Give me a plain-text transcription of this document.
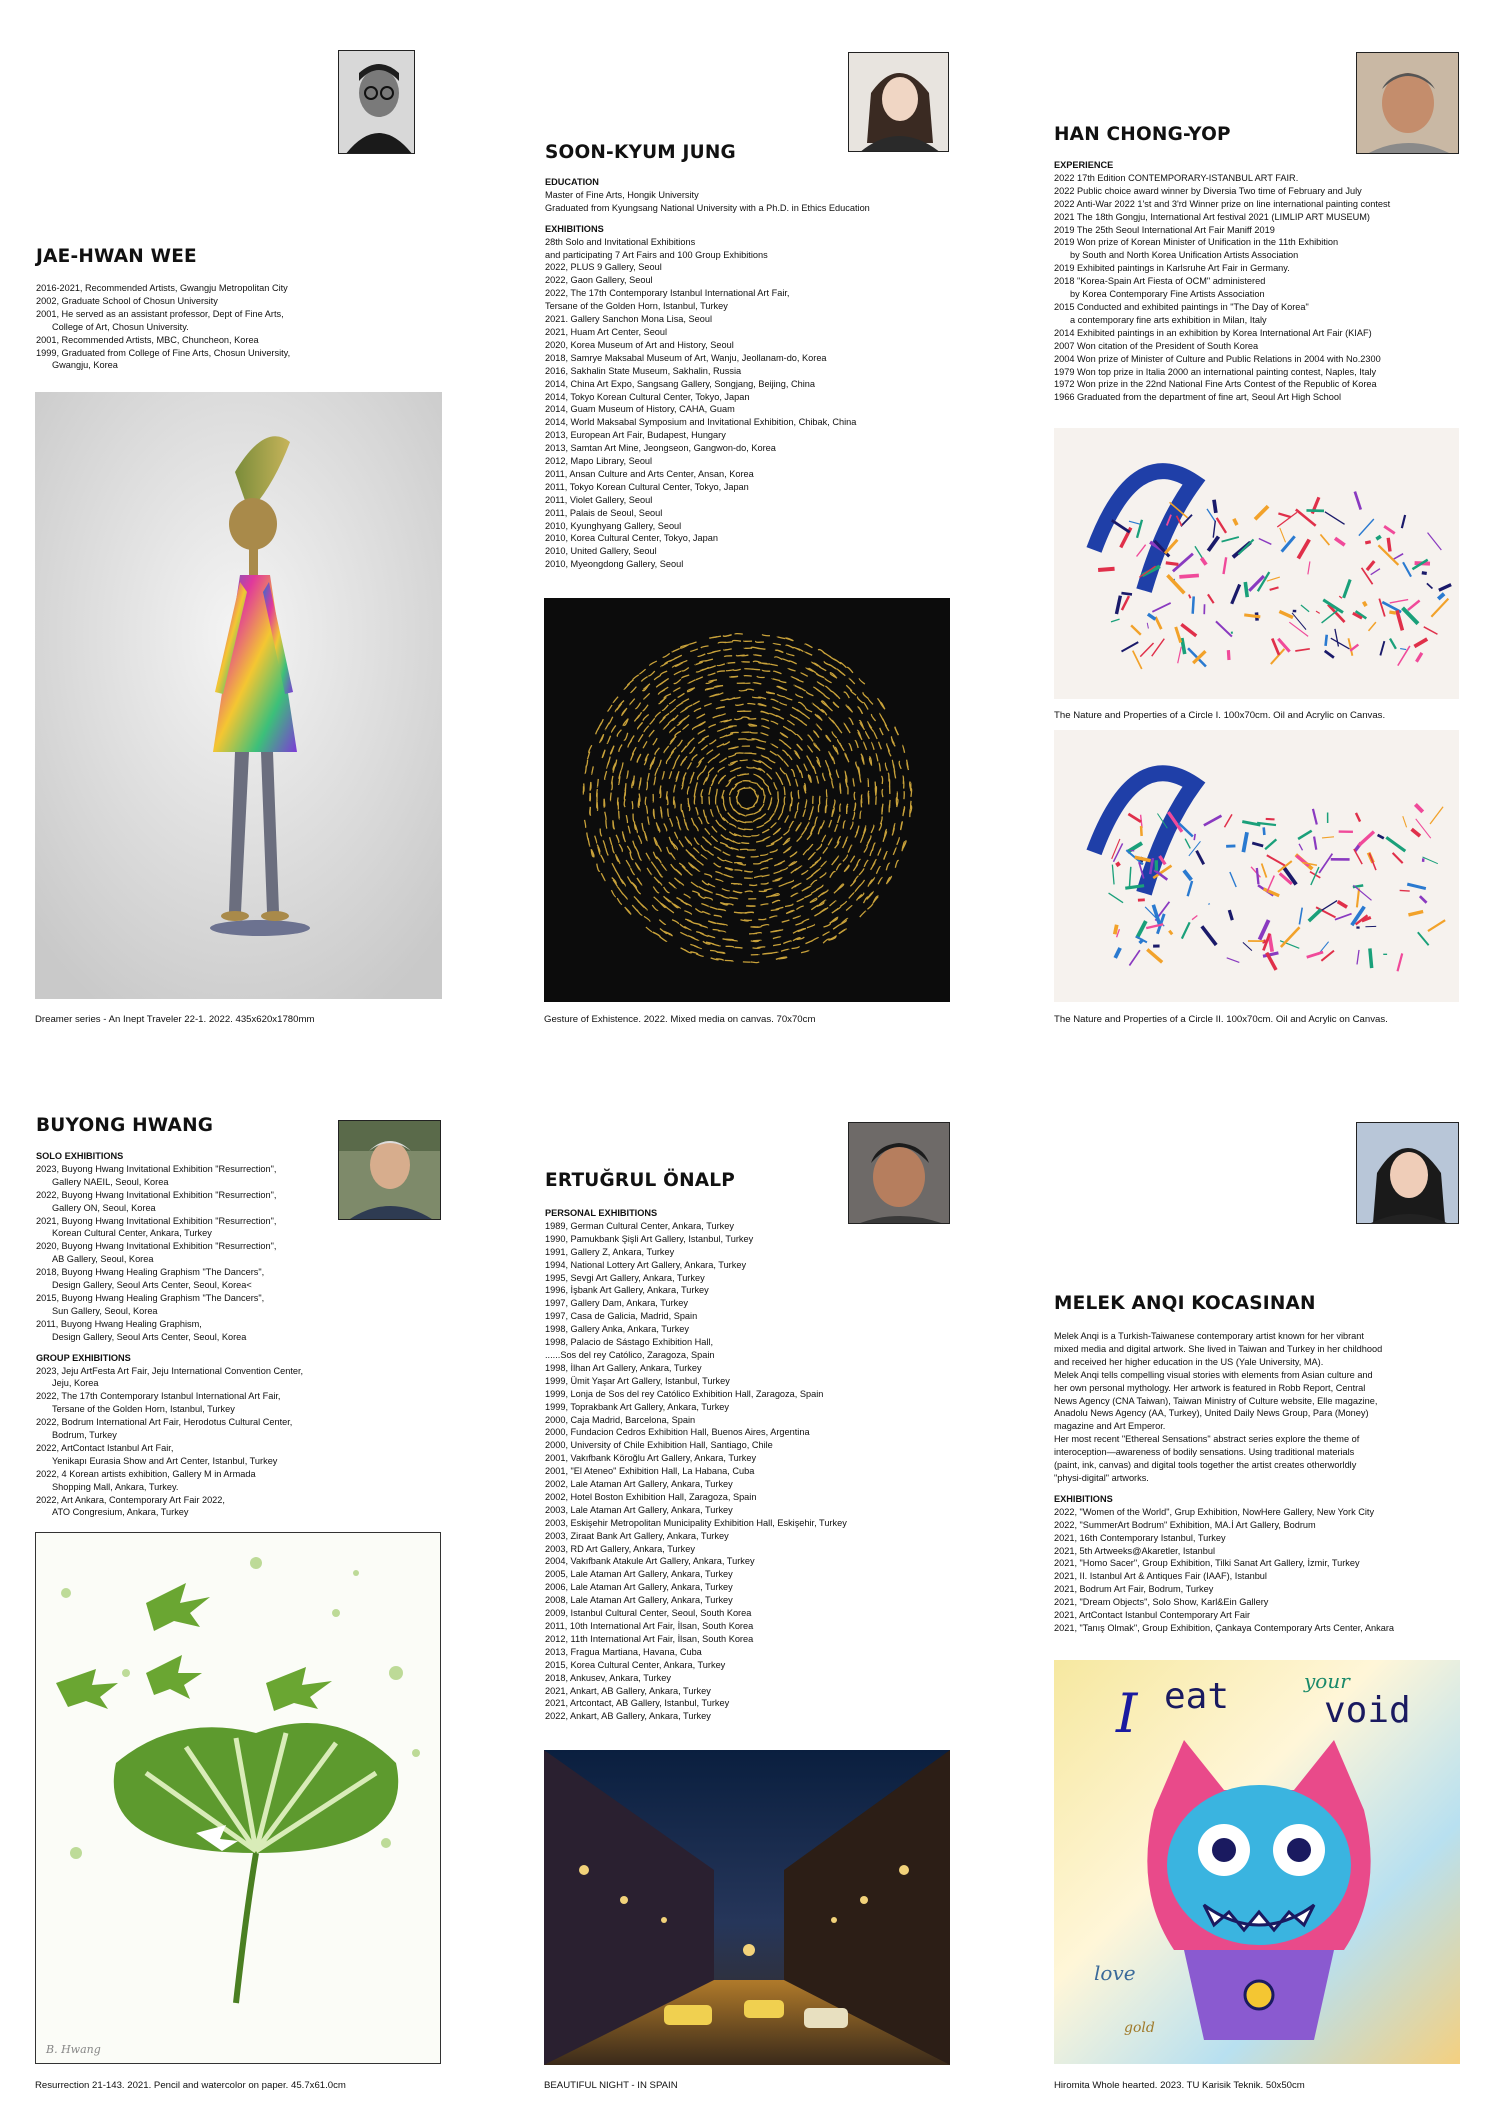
JAE-HWAN WEE
2016-2021, Recommended Artists, Gwangju Metropolitan City
2002, Graduate School of Chosun University
2001, He served as an assistant professor, Dept of Fine Arts,
College of Art, Chosun University.
2001, Recommended Artists, MBC, Chuncheon, Korea
1999, Graduated from College of Fine Arts, Chosun University,
Gwangju, Korea
Dreamer series - An Inept Traveler 22-1. 2022. 435x620x1780mm
SOON-KYUM JUNG
EDUCATION
Master of Fine Arts, Hongik University
Graduated from Kyungsang National University with a Ph.D. in Ethics Education
EXHIBITIONS
28th Solo and Invitational Exhibitions
and participating 7 Art Fairs and 100 Group Exhibitions
2022, PLUS 9 Gallery, Seoul
2022, Gaon Gallery, Seoul
2022, The 17th Contemporary Istanbul International Art Fair,
Tersane of the Golden Horn, Istanbul, Turkey
2021. Gallery Sanchon Mona Lisa, Seoul
2021, Huam Art Center, Seoul
2020, Korea Museum of Art and History, Seoul
2018, Samrye Maksabal Museum of Art, Wanju, Jeollanam-do, Korea
2016, Sakhalin State Museum, Sakhalin, Russia
2014, China Art Expo, Sangsang Gallery, Songjang, Beijing, China
2014, Tokyo Korean Cultural Center, Tokyo, Japan
2014, Guam Museum of History, CAHA, Guam
2014, World Maksabal Symposium and Invitational Exhibition, Chibak, China
2013, European Art Fair, Budapest, Hungary
2013, Samtan Art Mine, Jeongseon, Gangwon-do, Korea
2012, Mapo Library, Seoul
2011, Ansan Culture and Arts Center, Ansan, Korea
2011, Tokyo Korean Cultural Center, Tokyo, Japan
2011, Violet Gallery, Seoul
2011, Palais de Seoul, Seoul
2010, Kyunghyang Gallery, Seoul
2010, Korea Cultural Center, Tokyo, Japan
2010, United Gallery, Seoul
2010, Myeongdong Gallery, Seoul
Gesture of Exhistence. 2022. Mixed media on canvas. 70x70cm
HAN CHONG-YOP
EXPERIENCE
2022 17th Edition CONTEMPORARY-ISTANBUL ART FAIR.
2022 Public choice award winner by Diversia Two time of February and July
2022 Anti-War 2022 1'st and 3'rd Winner prize on line international painting contest
2021 The 18th Gongju, International Art festival 2021 (LIMLIP ART MUSEUM)
2019 The 25th Seoul International Art Fair Maniff 2019
2019 Won prize of Korean Minister of Unification in the 11th Exhibition
by South and North Korea Unification Artists Association
2019 Exhibited paintings in Karlsruhe Art Fair in Germany.
2018 "Korea-Spain Art Fiesta of OCM" administered
by Korea Contemporary Fine Artists Association
2015 Conducted and exhibited paintings in "The Day of Korea"
a contemporary fine arts exhibition in Milan, Italy
2014 Exhibited paintings in an exhibition by Korea International Art Fair (KIAF)
2007 Won citation of the President of South Korea
2004 Won prize of Minister of Culture and Public Relations in 2004 with No.2300
1979 Won top prize in Italia 2000 an international painting contest, Naples, Italy
1972 Won prize in the 22nd National Fine Arts Contest of the Republic of Korea
1966 Graduated from the department of fine art, Seoul Art High School
The Nature and Properties of a Circle I. 100x70cm. Oil and Acrylic on Canvas.
The Nature and Properties of a Circle II. 100x70cm. Oil and Acrylic on Canvas.
BUYONG HWANG
SOLO EXHIBITIONS
2023, Buyong Hwang Invitational Exhibition "Resurrection",
Gallery NAEIL, Seoul, Korea
2022, Buyong Hwang Invitational Exhibition "Resurrection",
Gallery ON, Seoul, Korea
2021, Buyong Hwang Invitational Exhibition "Resurrection",
Korean Cultural Center, Ankara, Turkey
2020, Buyong Hwang Invitational Exhibition "Resurrection",
AB Gallery, Seoul, Korea
2018, Buyong Hwang Healing Graphism "The Dancers",
Design Gallery, Seoul Arts Center, Seoul, Korea<
2015, Buyong Hwang Healing Graphism "The Dancers",
Sun Gallery, Seoul, Korea
2011, Buyong Hwang Healing Graphism,
Design Gallery, Seoul Arts Center, Seoul, Korea
GROUP EXHIBITIONS
2023, Jeju ArtFesta Art Fair, Jeju International Convention Center,
Jeju, Korea
2022, The 17th Contemporary Istanbul International Art Fair,
Tersane of the Golden Horn, Istanbul, Turkey
2022, Bodrum International Art Fair, Herodotus Cultural Center,
Bodrum, Turkey
2022, ArtContact Istanbul Art Fair,
Yenikapı Eurasia Show and Art Center, Istanbul, Turkey
2022, 4 Korean artists exhibition, Gallery M in Armada
Shopping Mall, Ankara, Turkey.
2022, Art Ankara, Contemporary Art Fair 2022,
ATO Congresium, Ankara, Turkey
B. Hwang
Resurrection 21-143. 2021. Pencil and watercolor on paper. 45.7x61.0cm
ERTUĞRUL ÖNALP
PERSONAL EXHIBITIONS
1989, German Cultural Center, Ankara, Turkey
1990, Pamukbank Şişli Art Gallery, Istanbul, Turkey
1991, Gallery Z, Ankara, Turkey
1994, National Lottery Art Gallery, Ankara, Turkey
1995, Sevgi Art Gallery, Ankara, Turkey
1996, İşbank Art Gallery, Ankara, Turkey
1997, Gallery Dam, Ankara, Turkey
1997, Casa de Galicia, Madrid, Spain
1998, Gallery Anka, Ankara, Turkey
1998, Palacio de Sástago Exhibition Hall,
......Sos del rey Católico, Zaragoza, Spain
1998, İlhan Art Gallery, Ankara, Turkey
1999, Ümit Yaşar Art Gallery, Istanbul, Turkey
1999, Lonja de Sos del rey Católico Exhibition Hall, Zaragoza, Spain
1999, Toprakbank Art Gallery, Ankara, Turkey
2000, Caja Madrid, Barcelona, Spain
2000, Fundacion Cedros Exhibition Hall, Buenos Aires, Argentina
2000, University of Chile Exhibition Hall, Santiago, Chile
2001, Vakıfbank Köroğlu Art Gallery, Ankara, Turkey
2001, "El Ateneo" Exhibition Hall, La Habana, Cuba
2002, Lale Ataman Art Gallery, Ankara, Turkey
2002, Hotel Boston Exhibition Hall, Zaragoza, Spain
2003, Lale Ataman Art Gallery, Ankara, Turkey
2003, Eskişehir Metropolitan Municipality Exhibition Hall, Eskişehir, Turkey
2003, Ziraat Bank Art Gallery, Ankara, Turkey
2003, RD Art Gallery, Ankara, Turkey
2004, Vakıfbank Atakule Art Gallery, Ankara, Turkey
2005, Lale Ataman Art Gallery, Ankara, Turkey
2006, Lale Ataman Art Gallery, Ankara, Turkey
2008, Lale Ataman Art Gallery, Ankara, Turkey
2009, Istanbul Cultural Center, Seoul, South Korea
2011, 10th International Art Fair, İlsan, South Korea
2012, 11th International Art Fair, İlsan, South Korea
2013, Fragua Martiana, Havana, Cuba
2015, Korea Cultural Center, Ankara, Turkey
2018, Ankusev, Ankara, Turkey
2021, Ankart, AB Gallery, Ankara, Turkey
2021, Artcontact, AB Gallery, Istanbul, Turkey
2022, Ankart, AB Gallery, Ankara, Turkey
BEAUTIFUL NIGHT - IN SPAIN
MELEK ANQI KOCASINAN
Melek Anqi is a Turkish-Taiwanese contemporary artist known for her vibrant
mixed media and digital artwork. She lived in Taiwan and Turkey in her childhood
and received her higher education in the US (Yale University, MA).
Melek Anqi tells compelling visual stories with elements from Asian culture and
her own personal mythology. Her artwork is featured in Robb Report, Central
News Agency (CNA Taiwan), Taiwan Ministry of Culture website, Elle magazine,
Anadolu News Agency (AA, Turkey), United Daily News Group, Para (Money)
magazine and Art Emperor.
Her most recent "Ethereal Sensations" abstract series explore the theme of
interoception—awareness of bodily sensations. Using traditional materials
(paint, ink, canvas) and digital tools together the artist creates otherworldly
"physi-digital" artworks.
EXHIBITIONS
2022, "Women of the World", Grup Exhibition, NowHere Gallery, New York City
2022, "SummerArt Bodrum" Exhibition, MA.İ Art Gallery, Bodrum
2021, 16th Contemporary Istanbul, Turkey
2021, 5th Artweeks@Akaretler, Istanbul
2021, "Homo Sacer", Group Exhibition, Tilki Sanat Art Gallery, İzmir, Turkey
2021, II. Istanbul Art & Antiques Fair (IAAF), Istanbul
2021, Bodrum Art Fair, Bodrum, Turkey
2021, "Dream Objects", Solo Show, Karl&Ein Gallery
2021, ArtContact Istanbul Contemporary Art Fair
2021, "Tanış Olmak", Group Exhibition, Çankaya Contemporary Arts Center, Ankara
I eat	your
void
love
gold
Hiromita Whole hearted. 2023. TU Karisik Teknik. 50x50cm
